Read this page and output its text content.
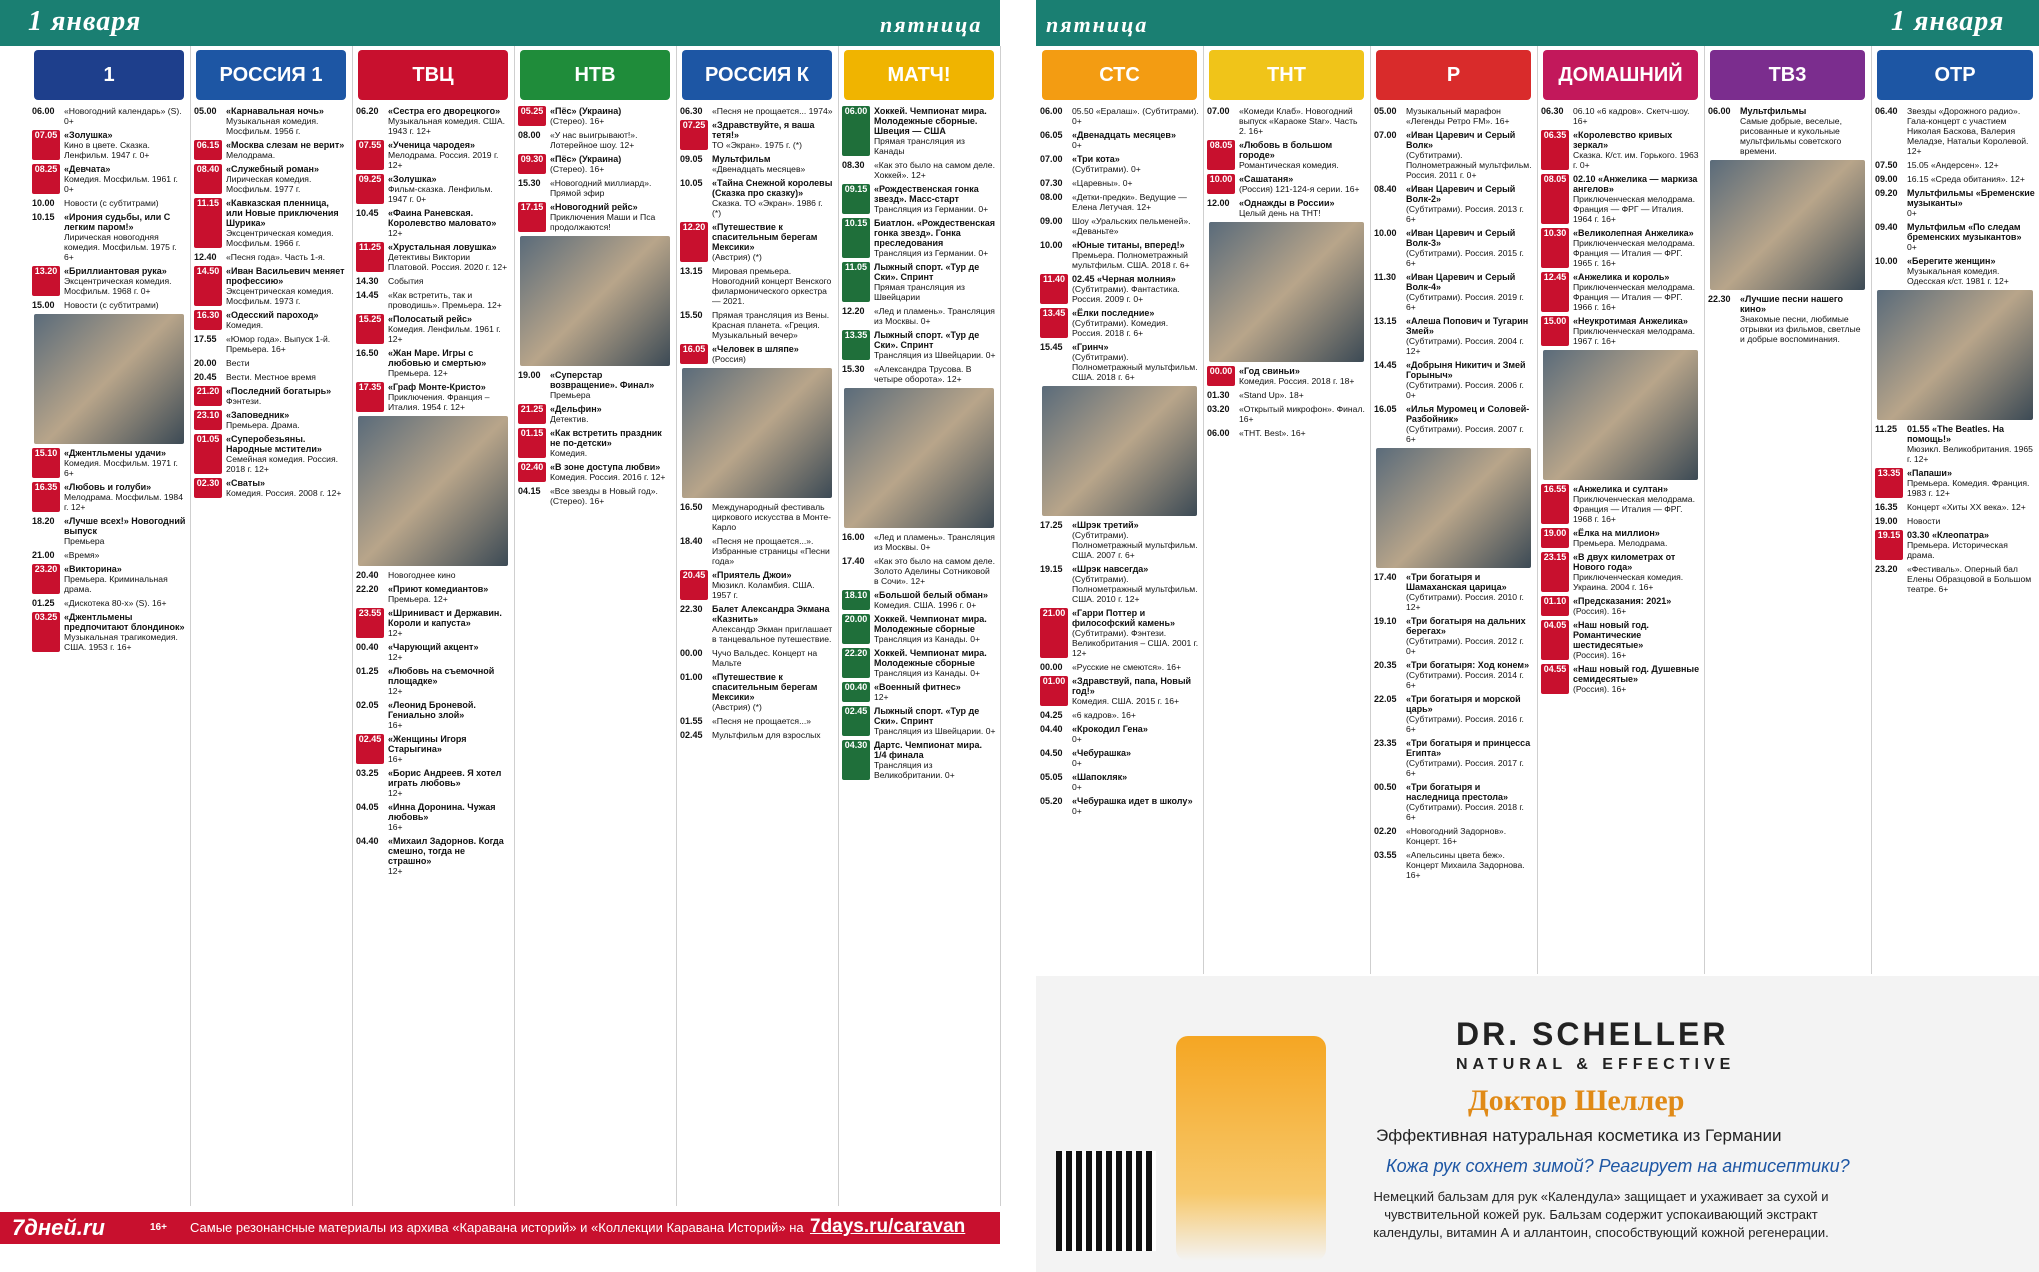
1 января	пятница	пятница	1 января
1
06.00	«Новогодний календарь» (S). 0+
07.05 «Золушка»
Кино в цвете. Сказка. Ленфильм. 1947 г. 0+
08.25 «Девчата»
Комедия. Мосфильм. 1961 г. 0+
10.00	Новости (с субтитрами)
10.15	«Ирония судьбы, или С легким паром!»
Лирическая новогодняя комедия. Мосфильм. 1975 г. 6+
13.20 «Бриллиантовая рука»
Эксцентрическая комедия. Мосфильм. 1968 г. 0+
15.00	Новости (с субтитрами)
15.10 «Джентльмены удачи»
Комедия. Мосфильм. 1971 г. 6+
16.35 «Любовь и голуби»
Мелодрама. Мосфильм. 1984 г. 12+
18.20	«Лучше всех!» Новогодний выпуск
Премьера
21.00	«Время»
23.20 «Викторина»
Премьера. Криминальная драма.
01.25	«Дискотека 80-х» (S). 16+
03.25 «Джентльмены предпочитают блондинок»
Музыкальная трагикомедия. США. 1953 г. 16+
РОССИЯ 1
05.00	«Карнавальная ночь»
Музыкальная комедия. Мосфильм. 1956 г.
06.15 «Москва слезам не верит»
Мелодрама.
08.40 «Служебный роман»
Лирическая комедия. Мосфильм. 1977 г.
11.15 «Кавказская пленница, или Новые приключения Шурика»
Эксцентрическая комедия. Мосфильм. 1966 г.
12.40	«Песня года». Часть 1-я.
14.50 «Иван Васильевич меняет профессию»
Эксцентрическая комедия. Мосфильм. 1973 г.
16.30 «Одесский пароход»
Комедия.
17.55	«Юмор года». Выпуск 1-й. Премьера. 16+
20.00	Вести
20.45	Вести. Местное время
21.20 «Последний богатырь»
Фэнтези.
23.10 «Заповедник»
Премьера. Драма.
01.05 «Суперобезьяны. Народные мстители»
Семейная комедия. Россия. 2018 г. 12+
02.30 «Сваты»
Комедия. Россия. 2008 г. 12+
ТВЦ
06.20	«Сестра его дворецкого»
Музыкальная комедия. США. 1943 г. 12+
07.55 «Ученица чародея»
Мелодрама. Россия. 2019 г. 12+
09.25 «Золушка»
Фильм-сказка. Ленфильм. 1947 г. 0+
10.45	«Фаина Раневская. Королевство маловато»
12+
11.25 «Хрустальная ловушка»
Детективы Виктории Платовой. Россия. 2020 г. 12+
14.30	События
14.45	«Как встретить, так и проводишь». Премьера. 12+
15.25 «Полосатый рейс»
Комедия. Ленфильм. 1961 г. 12+
16.50	«Жан Маре. Игры с любовью и смертью»
Премьера. 12+
17.35 «Граф Монте-Кристо»
Приключения. Франция – Италия. 1954 г. 12+
20.40	Новогоднее кино
22.20	«Приют комедиантов»
Премьера. 12+
23.55 «Шриниваст и Державин. Короли и капуста»
12+
00.40	«Чарующий акцент»
12+
01.25	«Любовь на съемочной площадке»
12+
02.05	«Леонид Броневой. Гениально злой»
16+
02.45 «Женщины Игоря Старыгина»
16+
03.25	«Борис Андреев. Я хотел играть любовь»
12+
04.05	«Инна Доронина. Чужая любовь»
16+
04.40	«Михаил Задорнов. Когда смешно, тогда не страшно»
12+
НТВ
05.25 «Пёс» (Украина)
(Стерео). 16+
08.00	«У нас выигрывают!». Лотерейное шоу. 12+
09.30 «Пёс» (Украина)
(Стерео). 16+
15.30	«Новогодний миллиард». Прямой эфир
17.15 «Новогодний рейс»
Приключения Маши и Пса продолжаются!
19.00	«Суперстар возвращение». Финал»
Премьера
21.25 «Дельфин»
Детектив.
01.15 «Как встретить праздник не по-детски»
Комедия.
02.40 «В зоне доступа любви»
Комедия. Россия. 2016 г. 12+
04.15	«Все звезды в Новый год». (Стерео). 16+
РОССИЯ К
06.30	«Песня не прощается... 1974»
07.25 «Здравствуйте, я ваша тетя!»
ТО «Экран». 1975 г. (*)
09.05	Мультфильм
«Двенадцать месяцев»
10.05	«Тайна Снежной королевы (Сказка про сказку)»
Сказка. ТО «Экран». 1986 г. (*)
12.20 «Путешествие к спасительным берегам Мексики»
(Австрия) (*)
13.15	Мировая премьера. Новогодний концерт Венского филармонического оркестра — 2021.
15.50	Прямая трансляция из Вены. Красная планета. «Греция. Музыкальный вечер»
16.05 «Человек в шляпе»
(Россия)
16.50	Международный фестиваль циркового искусства в Монте-Карло
18.40	«Песня не прощается...». Избранные страницы «Песни года»
20.45 «Приятель Джои»
Мюзикл. Коламбия. США. 1957 г.
22.30	Балет Александра Экмана «Казнить»
Александр Экман приглашает в танцевальное путешествие.
00.00	Чучо Вальдес. Концерт на Мальте
01.00	«Путешествие к спасительным берегам Мексики»
(Австрия) (*)
01.55	«Песня не прощается...»
02.45	Мультфильм для взрослых
МАТЧ!
06.00 Хоккей. Чемпионат мира. Молодежные сборные. Швеция — США
Прямая трансляция из Канады
08.30	«Как это было на самом деле. Хоккей». 12+
09.15 «Рождественская гонка звезд». Масс-старт
Трансляция из Германии. 0+
10.15 Биатлон. «Рождественская гонка звезд». Гонка преследования
Трансляция из Германии. 0+
11.05 Лыжный спорт. «Тур де Ски». Спринт
Прямая трансляция из Швейцарии
12.20	«Лед и пламень». Трансляция из Москвы. 0+
13.35 Лыжный спорт. «Тур де Ски». Спринт
Трансляция из Швейцарии. 0+
15.30	«Александра Трусова. В четыре оборота». 12+
16.00	«Лед и пламень». Трансляция из Москвы. 0+
17.40	«Как это было на самом деле. Золото Аделины Сотниковой в Сочи». 12+
18.10 «Большой белый обман»
Комедия. США. 1996 г. 0+
20.00 Хоккей. Чемпионат мира. Молодежные сборные
Трансляция из Канады. 0+
22.20 Хоккей. Чемпионат мира. Молодежные сборные
Трансляция из Канады. 0+
00.40 «Военный фитнес»
12+
02.45 Лыжный спорт. «Тур де Ски». Спринт
Трансляция из Швейцарии. 0+
04.30 Дартс. Чемпионат мира. 1/4 финала
Трансляция из Великобритании. 0+
СТС
06.00	05.50 «Ералаш». (Субтитрами). 0+
06.05	«Двенадцать месяцев»
0+
07.00	«Три кота»
(Субтитрами). 0+
07.30	«Царевны». 0+
08.00	«Детки-предки». Ведущие — Елена Летучая. 12+
09.00	Шоу «Уральских пельменей». «Деваньте»
10.00	«Юные титаны, вперед!»
Премьера. Полнометражный мультфильм. США. 2018 г. 6+
11.40 02.45 «Черная молния»
(Субтитрами). Фантастика. Россия. 2009 г. 0+
13.45 «Ёлки последние»
(Субтитрами). Комедия. Россия. 2018 г. 6+
15.45	«Гринч»
(Субтитрами). Полнометражный мультфильм. США. 2018 г. 6+
17.25	«Шрэк третий»
(Субтитрами). Полнометражный мультфильм. США. 2007 г. 6+
19.15	«Шрэк навсегда»
(Субтитрами). Полнометражный мультфильм. США. 2010 г. 12+
21.00 «Гарри Поттер и философский камень»
(Субтитрами). Фэнтези. Великобритания – США. 2001 г. 12+
00.00	«Русские не смеются». 16+
01.00 «Здравствуй, папа, Новый год!»
Комедия. США. 2015 г. 16+
04.25	«6 кадров». 16+
04.40	«Крокодил Гена»
0+
04.50	«Чебурашка»
0+
05.05	«Шапокляк»
0+
05.20	«Чебурашка идет в школу»
0+
ТНТ
07.00	«Комеди Клаб». Новогодний выпуск «Караоке Star». Часть 2. 16+
08.05 «Любовь в большом городе»
Романтическая комедия.
10.00 «Сашатаня»
(Россия) 121-124-я серии. 16+
12.00	«Однажды в России»
Целый день на ТНТ!
00.00 «Год свиньи»
Комедия. Россия. 2018 г. 18+
01.30	«Stand Up». 18+
03.20	«Открытый микрофон». Финал. 16+
06.00	«ТНТ. Best». 16+
Р
05.00	Музыкальный марафон «Легенды Ретро FM». 16+
07.00	«Иван Царевич и Серый Волк»
(Субтитрами). Полнометражный мультфильм. Россия. 2011 г. 0+
08.40	«Иван Царевич и Серый Волк-2»
(Субтитрами). Россия. 2013 г. 6+
10.00	«Иван Царевич и Серый Волк-3»
(Субтитрами). Россия. 2015 г. 6+
11.30	«Иван Царевич и Серый Волк-4»
(Субтитрами). Россия. 2019 г. 6+
13.15	«Алеша Попович и Тугарин Змей»
(Субтитрами). Россия. 2004 г. 12+
14.45	«Добрыня Никитич и Змей Горыныч»
(Субтитрами). Россия. 2006 г. 0+
16.05	«Илья Муромец и Соловей-Разбойник»
(Субтитрами). Россия. 2007 г. 6+
17.40	«Три богатыря и Шамаханская царица»
(Субтитрами). Россия. 2010 г. 12+
19.10	«Три богатыря на дальних берегах»
(Субтитрами). Россия. 2012 г. 0+
20.35	«Три богатыря: Ход конем»
(Субтитрами). Россия. 2014 г. 6+
22.05	«Три богатыря и морской царь»
(Субтитрами). Россия. 2016 г. 6+
23.35	«Три богатыря и принцесса Египта»
(Субтитрами). Россия. 2017 г. 6+
00.50	«Три богатыря и наследница престола»
(Субтитрами). Россия. 2018 г. 6+
02.20	«Новогодний Задорнов». Концерт. 16+
03.55	«Апельсины цвета беж». Концерт Михаила Задорнова. 16+
ДОМАШНИЙ
06.30	06.10 «6 кадров». Скетч-шоу. 16+
06.35 «Королевство кривых зеркал»
Сказка. К/ст. им. Горького. 1963 г. 0+
08.05 02.10 «Анжелика — маркиза ангелов»
Приключенческая мелодрама. Франция — ФРГ — Италия. 1964 г. 16+
10.30 «Великолепная Анжелика»
Приключенческая мелодрама. Франция — Италия — ФРГ. 1965 г. 16+
12.45 «Анжелика и король»
Приключенческая мелодрама. Франция — Италия — ФРГ. 1966 г. 16+
15.00 «Неукротимая Анжелика»
Приключенческая мелодрама. 1967 г. 16+
16.55 «Анжелика и султан»
Приключенческая мелодрама. Франция — Италия — ФРГ. 1968 г. 16+
19.00 «Ёлка на миллион»
Премьера. Мелодрама.
23.15 «В двух километрах от Нового года»
Приключенческая комедия. Украина. 2004 г. 16+
01.10 «Предсказания: 2021»
(Россия). 16+
04.05 «Наш новый год. Романтические шестидесятые»
(Россия). 16+
04.55 «Наш новый год. Душевные семидесятые»
(Россия). 16+
ТВ3
06.00	Мультфильмы
Самые добрые, веселые, рисованные и кукольные мультфильмы советского времени.
22.30	«Лучшие песни нашего кино»
Знакомые песни, любимые отрывки из фильмов, светлые и добрые воспоминания.
ОТР
06.40	Звезды «Дорожного радио». Гала-концерт с участием Николая Баскова, Валерия Меладзе, Натальи Королевой. 12+
07.50	15.05 «Андерсен». 12+
09.00	16.15 «Среда обитания». 12+
09.20	Мультфильмы «Бременские музыканты»
0+
09.40	Мультфильм «По следам бременских музыкантов»
0+
10.00	«Берегите женщин»
Музыкальная комедия. Одесская к/ст. 1981 г. 12+
11.25	01.55 «The Beatles. На помощь!»
Мюзикл. Великобритания. 1965 г. 12+
13.35 «Папаши»
Премьера. Комедия. Франция. 1983 г. 12+
16.35	Концерт «Хиты XX века». 12+
19.00	Новости
19.15 03.30 «Клеопатра»
Премьера. Историческая драма.
23.20	«Фестиваль». Оперный бал Елены Образцовой в Большом театре. 6+
DR. SCHELLER
NATURAL & EFFECTIVE
Доктор Шеллер
Эффективная натуральная косметика из Германии
Кожа рук сохнет зимой? Реагирует на антисептики?
Немецкий бальзам для рук «Календула» защищает и ухаживает за сухой и чувствительной кожей рук. Бальзам содержит успокаивающий экстракт календулы, витамин А и аллантоин, способствующий кожной регенерации.
7дней.ru	16+ Самые резонансные материалы из архива «Каравана историй» и «Коллекции Каравана Историй» на 7days.ru/caravan
